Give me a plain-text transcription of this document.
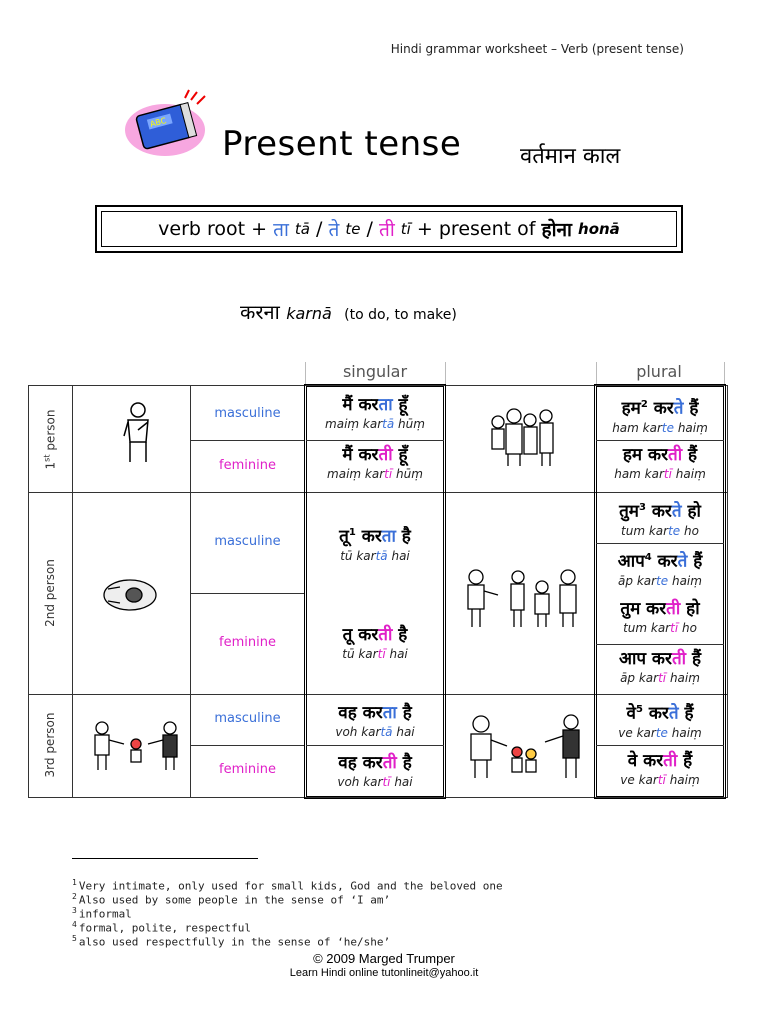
Hindi grammar worksheet – Verb (present tense)
ABC
Present tense	वर्तमान काल
verb root + ता
tā / ते
te / ती
tī + present of होना
honā
करना karnā (to do, to make)
singular	plural
1st person
2nd person
3rd person
masculine
feminine
masculine
feminine
masculine
feminine
मैं करता हूँ
maiṃ kartā hūṃ
मैं करती हूँ
maiṃ kartī hūṃ
तू$^1$ करता है
tū kartā hai
तू करती है
tū kartī hai
वह करता है
voh kartā hai
वह करती है
voh kartī hai
हम$^2$ करते हैं
ham karte haiṃ
हम करती हैं
ham kartī haiṃ
तुम$^3$ करते हो
tum karte ho
आप$^4$ करते हैं
āp karte haiṃ
तुम करती हो
tum kartī ho
आप करती हैं
āp kartī haiṃ
वे$^5$ करते हैं
ve karte haiṃ
वे करती हैं
ve kartī haiṃ
$^1$ Very intimate, only used for small kids, God and the beloved one
$^2$ Also used by some people in the sense of ‘I am’
$^3$ informal
$^4$ formal, polite, respectful
$^5$ also used respectfully in the sense of ‘he/she’
© 2009 Marged Trumper
Learn Hindi online tutonlineit@yahoo.it
